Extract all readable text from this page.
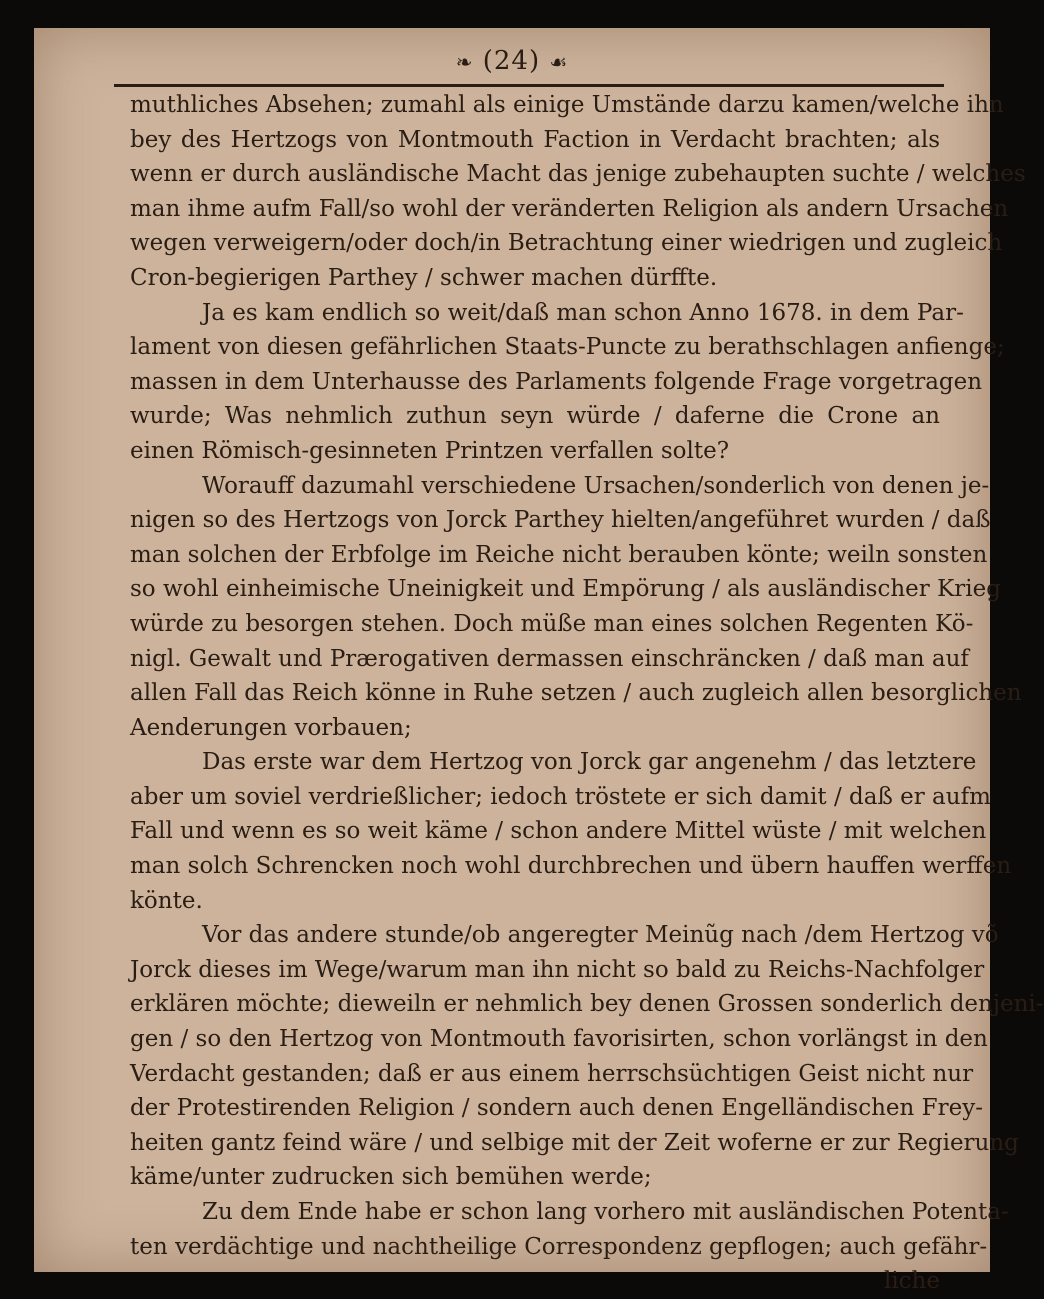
❧ (24) ☙
muthliches Absehen; zumahl als einige Umstände darzu kamen/welche ihn
bey des Hertzogs von Montmouth Faction in Verdacht brachten; als
wenn er durch ausländische Macht das jenige zubehaupten suchte / welches
man ihme aufm Fall/so wohl der veränderten Religion als andern Ursachen
wegen verweigern/oder doch/in Betrachtung einer wiedrigen und zugleich
Cron-begierigen Parthey / schwer machen dürffte.
Ja es kam endlich so weit/daß man schon Anno 1678. in dem Par-
lament von diesen gefährlichen Staats-Puncte zu berathschlagen anfienge;
massen in dem Unterhausse des Parlaments folgende Frage vorgetragen
wurde; Was nehmlich zuthun seyn würde / daferne die Crone an
einen Römisch-gesinneten Printzen verfallen solte?
Worauff dazumahl verschiedene Ursachen/sonderlich von denen je-
nigen so des Hertzogs von Jorck Parthey hielten/angeführet wurden / daß
man solchen der Erbfolge im Reiche nicht berauben könte; weiln sonsten
so wohl einheimische Uneinigkeit und Empörung / als ausländischer Krieg
würde zu besorgen stehen. Doch müße man eines solchen Regenten Kö-
nigl. Gewalt und Prærogativen dermassen einschräncken / daß man auf
allen Fall das Reich könne in Ruhe setzen / auch zugleich allen besorglichen
Aenderungen vorbauen;
Das erste war dem Hertzog von Jorck gar angenehm / das letztere
aber um soviel verdrießlicher; iedoch tröstete er sich damit / daß er aufm
Fall und wenn es so weit käme / schon andere Mittel wüste / mit welchen
man solch Schrencken noch wohl durchbrechen und übern hauffen werffen
könte.
Vor das andere stunde/ob angeregter Meinũg nach /dem Hertzog võ
Jorck dieses im Wege/warum man ihn nicht so bald zu Reichs-Nachfolger
erklären möchte; dieweiln er nehmlich bey denen Grossen sonderlich denjeni-
gen / so den Hertzog von Montmouth favorisirten, schon vorlängst in den
Verdacht gestanden; daß er aus einem herrschsüchtigen Geist nicht nur
der Protestirenden Religion / sondern auch denen Engelländischen Frey-
heiten gantz feind wäre / und selbige mit der Zeit woferne er zur Regierung
käme/unter zudrucken sich bemühen werde;
Zu dem Ende habe er schon lang vorhero mit ausländischen Potenta-
ten verdächtige und nachtheilige Correspondenz gepflogen; auch gefähr-
liche
